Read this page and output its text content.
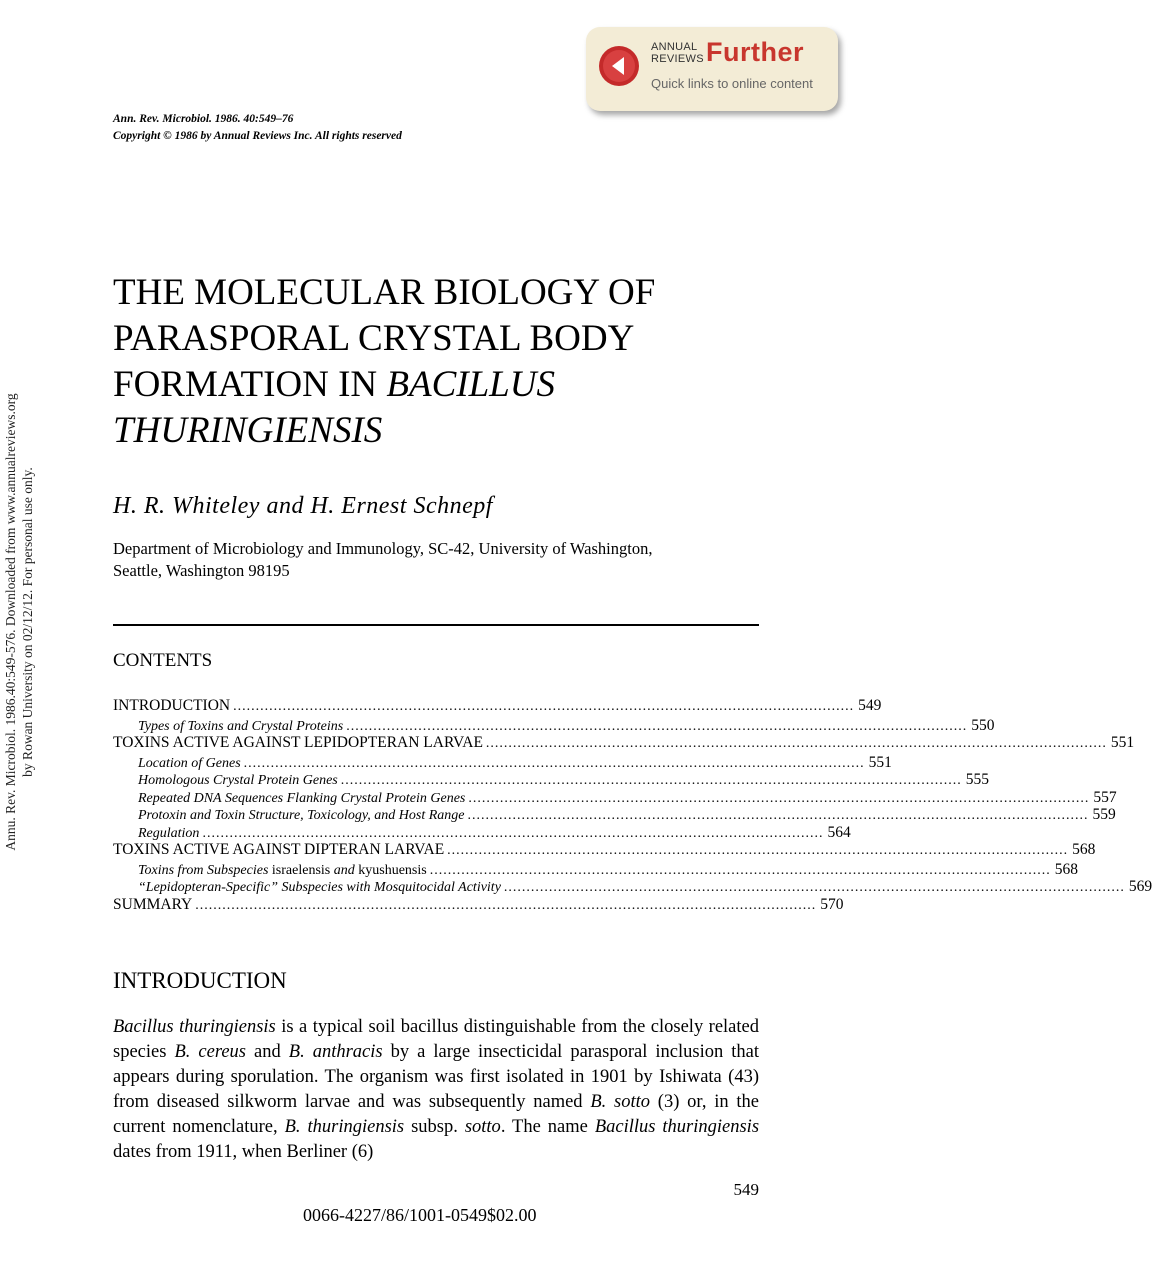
ANNUAL
REVIEWS Further
Quick links to online content
Ann. Rev. Microbiol. 1986. 40:549–76
Copyright © 1986 by Annual Reviews Inc. All rights reserved
Annu. Rev. Microbiol. 1986.40:549-576. Downloaded from www.annualreviews.org by Rowan University on 02/12/12. For personal use only.
THE MOLECULAR BIOLOGY OF
PARASPORAL CRYSTAL BODY
FORMATION IN BACILLUS
THURINGIENSIS
H. R. Whiteley and H. Ernest Schnepf
Department of Microbiology and Immunology, SC-42, University of Washington,
Seattle, Washington 98195
CONTENTS
INTRODUCTION .......................................................................................................................................... 549
Types of Toxins and Crystal Proteins .......................................................................................................................................... 550
TOXINS ACTIVE AGAINST LEPIDOPTERAN LARVAE .......................................................................................................................................... 551
Location of Genes .......................................................................................................................................... 551
Homologous Crystal Protein Genes .......................................................................................................................................... 555
Repeated DNA Sequences Flanking Crystal Protein Genes .......................................................................................................................................... 557
Protoxin and Toxin Structure, Toxicology, and Host Range .......................................................................................................................................... 559
Regulation .......................................................................................................................................... 564
TOXINS ACTIVE AGAINST DIPTERAN LARVAE .......................................................................................................................................... 568
Toxins from Subspecies israelensis and kyushuensis .......................................................................................................................................... 568
“Lepidopteran-Specific” Subspecies with Mosquitocidal Activity .......................................................................................................................................... 569
SUMMARY .......................................................................................................................................... 570
INTRODUCTION
Bacillus thuringiensis is a typical soil bacillus distinguishable from the closely related species B. cereus and B. anthracis by a large insecticidal parasporal inclusion that appears during sporulation. The organism was first isolated in 1901 by Ishiwata (43) from diseased silkworm larvae and was subsequently named B. sotto (3) or, in the current nomenclature, B. thuringiensis subsp. sotto. The name Bacillus thuringiensis dates from 1911, when Berliner (6)
549
0066-4227/86/1001-0549$02.00
